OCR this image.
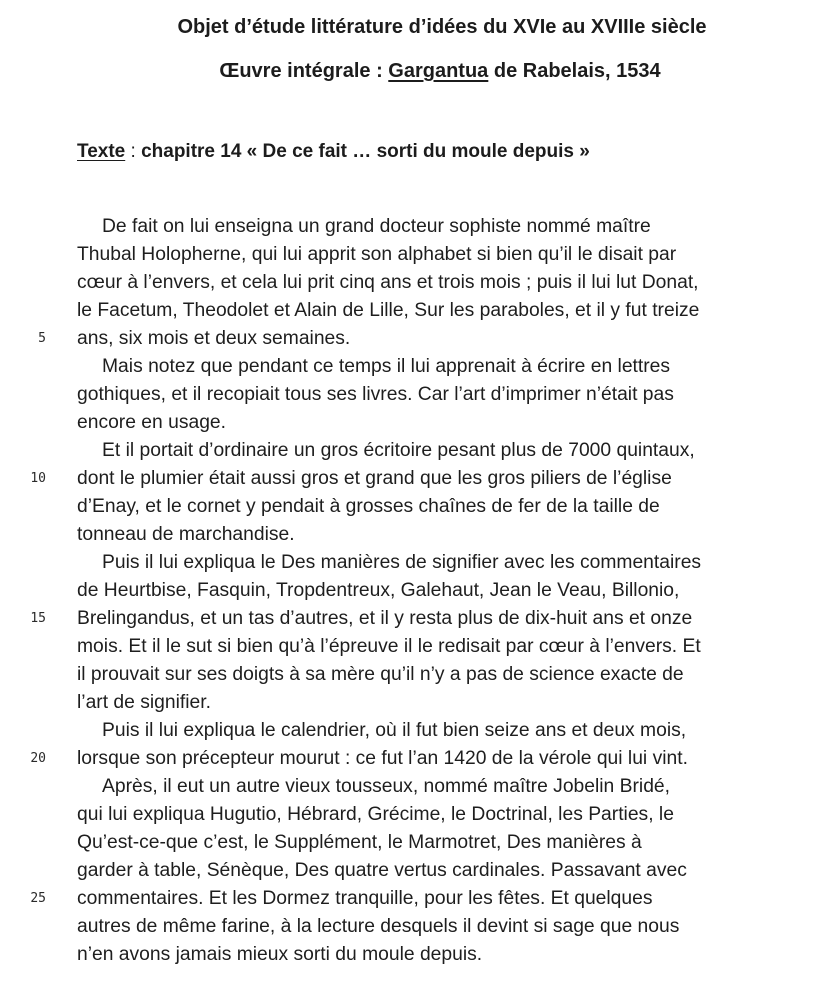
Objet d’étude littérature d’idées du XVIe au XVIIIe siècle
Œuvre intégrale : Gargantua de Rabelais, 1534
Texte : chapitre 14 « De ce fait … sorti du moule depuis »
De fait on lui enseigna un grand docteur sophiste nommé maître
Thubal Holopherne, qui lui apprit son alphabet si bien qu’il le disait par
cœur à l’envers, et cela lui prit cinq ans et trois mois ; puis il lui lut Donat,
le Facetum, Theodolet et Alain de Lille, Sur les paraboles, et il y fut treize
ans, six mois et deux semaines.
Mais notez que pendant ce temps il lui apprenait à écrire en lettres
gothiques, et il recopiait tous ses livres. Car l’art d’imprimer n’était pas
encore en usage.
Et il portait d’ordinaire un gros écritoire pesant plus de 7000 quintaux,
dont le plumier était aussi gros et grand que les gros piliers de l’église
d’Enay, et le cornet y pendait à grosses chaînes de fer de la taille de
tonneau de marchandise.
Puis il lui expliqua le Des manières de signifier avec les commentaires
de Heurtbise, Fasquin, Tropdentreux, Galehaut, Jean le Veau, Billonio,
Brelingandus, et un tas d’autres, et il y resta plus de dix-huit ans et onze
mois. Et il le sut si bien qu’à l’épreuve il le redisait par cœur à l’envers. Et
il prouvait sur ses doigts à sa mère qu’il n’y a pas de science exacte de
l’art de signifier.
Puis il lui expliqua le calendrier, où il fut bien seize ans et deux mois,
lorsque son précepteur mourut : ce fut l’an 1420 de la vérole qui lui vint.
Après, il eut un autre vieux tousseux, nommé maître Jobelin Bridé,
qui lui expliqua Hugutio, Hébrard, Grécime, le Doctrinal, les Parties, le
Qu’est-ce-que c’est, le Supplément, le Marmotret, Des manières à
garder à table, Sénèque, Des quatre vertus cardinales. Passavant avec
commentaires. Et les Dormez tranquille, pour les fêtes. Et quelques
autres de même farine, à la lecture desquels il devint si sage que nous
n’en avons jamais mieux sorti du moule depuis.
5
10
15
20
25
